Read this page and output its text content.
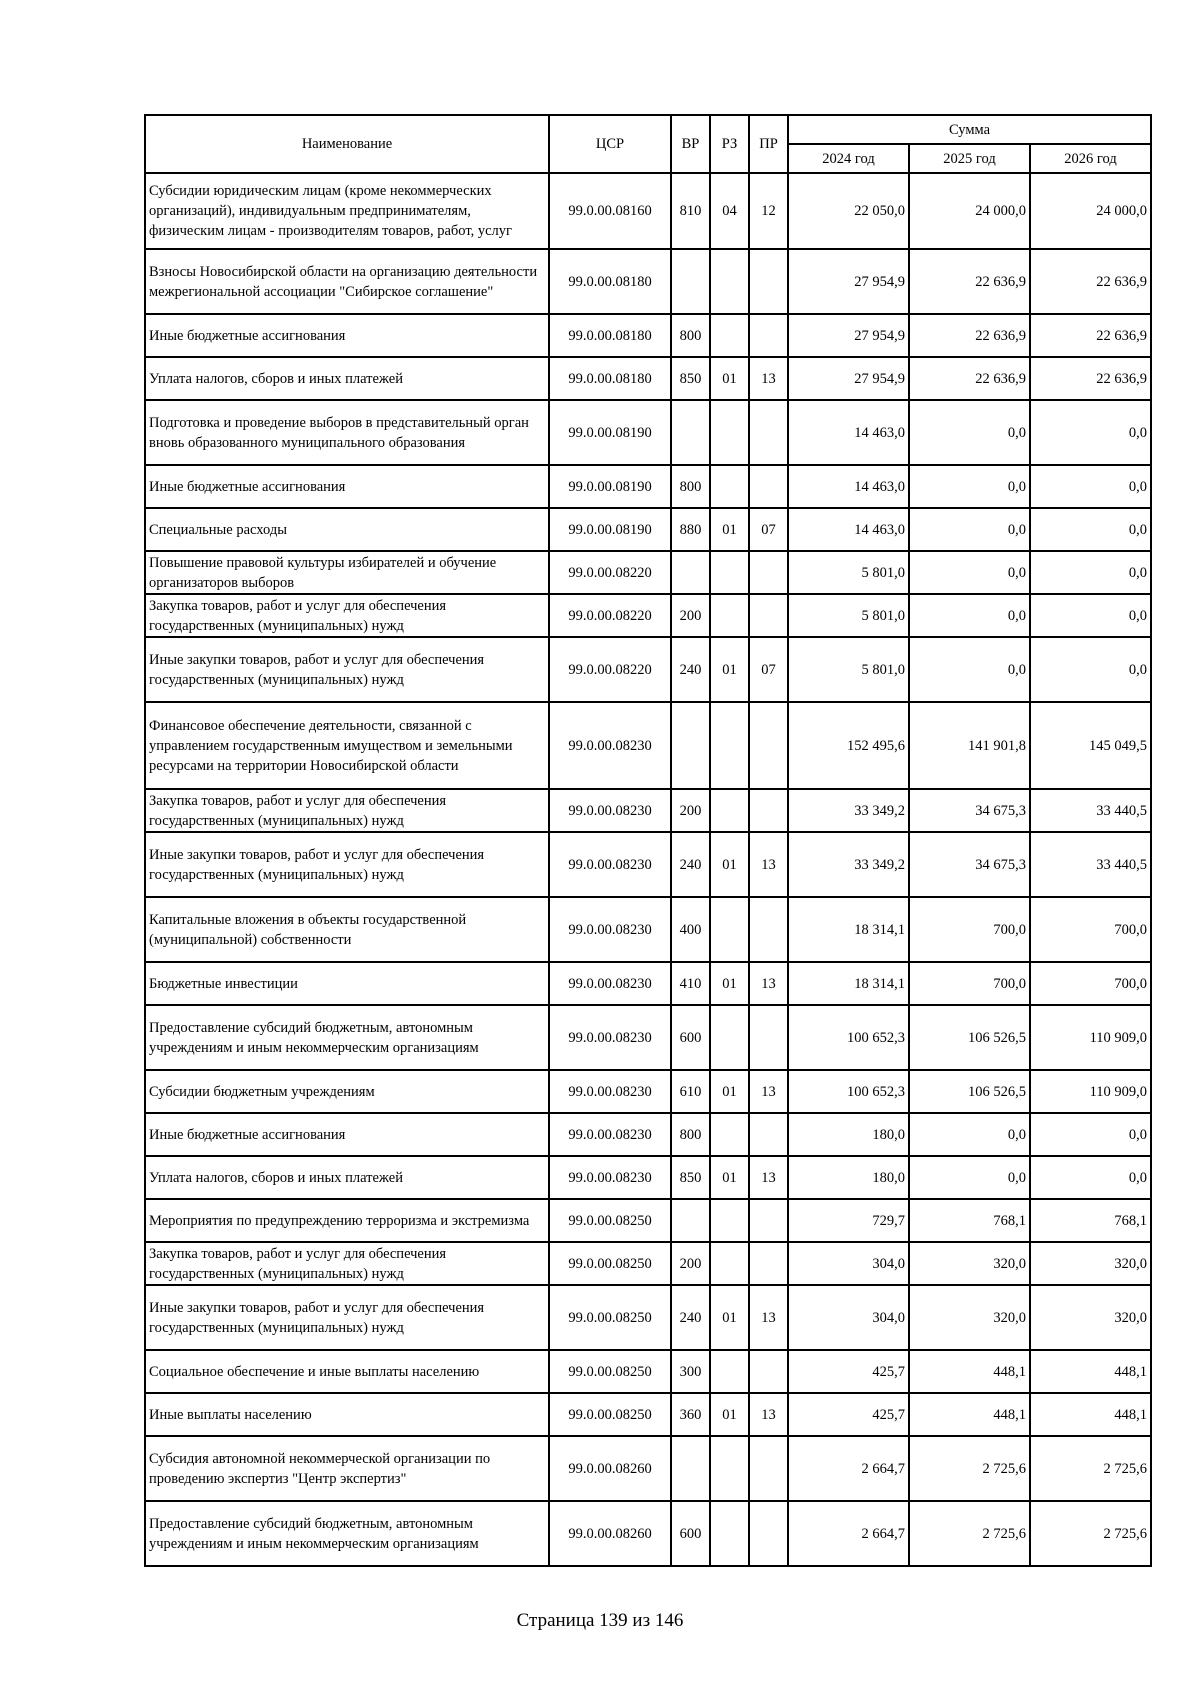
Наименование	ЦСР	ВР	РЗ	ПР	Сумма		
					2024 год	2025 год	2026 год
Субсидии юридическим лицам (кроме некоммерческих организаций), индивидуальным предпринимателям, физическим лицам - производителям товаров, работ, услуг	99.0.00.08160	810	04	12	22 050,0	24 000,0	24 000,0
Взносы Новосибирской области на организацию деятельности межрегиональной ассоциации "Сибирское соглашение"	99.0.00.08180				27 954,9	22 636,9	22 636,9
Иные бюджетные ассигнования	99.0.00.08180	800			27 954,9	22 636,9	22 636,9
Уплата налогов, сборов и иных платежей	99.0.00.08180	850	01	13	27 954,9	22 636,9	22 636,9
Подготовка и проведение выборов в представительный орган вновь образованного муниципального образования	99.0.00.08190				14 463,0	0,0	0,0
Иные бюджетные ассигнования	99.0.00.08190	800			14 463,0	0,0	0,0
Специальные расходы	99.0.00.08190	880	01	07	14 463,0	0,0	0,0
Повышение правовой культуры избирателей и обучение организаторов выборов	99.0.00.08220				5 801,0	0,0	0,0
Закупка товаров, работ и услуг для обеспечения государственных (муниципальных) нужд	99.0.00.08220	200			5 801,0	0,0	0,0
Иные закупки товаров, работ и услуг для обеспечения государственных (муниципальных) нужд	99.0.00.08220	240	01	07	5 801,0	0,0	0,0
Финансовое обеспечение деятельности, связанной с управлением государственным имуществом и земельными ресурсами на территории Новосибирской области	99.0.00.08230				152 495,6	141 901,8	145 049,5
Закупка товаров, работ и услуг для обеспечения государственных (муниципальных) нужд	99.0.00.08230	200			33 349,2	34 675,3	33 440,5
Иные закупки товаров, работ и услуг для обеспечения государственных (муниципальных) нужд	99.0.00.08230	240	01	13	33 349,2	34 675,3	33 440,5
Капитальные вложения в объекты государственной (муниципальной) собственности	99.0.00.08230	400			18 314,1	700,0	700,0
Бюджетные инвестиции	99.0.00.08230	410	01	13	18 314,1	700,0	700,0
Предоставление субсидий бюджетным, автономным учреждениям и иным некоммерческим организациям	99.0.00.08230	600			100 652,3	106 526,5	110 909,0
Субсидии бюджетным учреждениям	99.0.00.08230	610	01	13	100 652,3	106 526,5	110 909,0
Иные бюджетные ассигнования	99.0.00.08230	800			180,0	0,0	0,0
Уплата налогов, сборов и иных платежей	99.0.00.08230	850	01	13	180,0	0,0	0,0
Мероприятия по предупреждению терроризма и экстремизма	99.0.00.08250				729,7	768,1	768,1
Закупка товаров, работ и услуг для обеспечения государственных (муниципальных) нужд	99.0.00.08250	200			304,0	320,0	320,0
Иные закупки товаров, работ и услуг для обеспечения государственных (муниципальных) нужд	99.0.00.08250	240	01	13	304,0	320,0	320,0
Социальное обеспечение и иные выплаты населению	99.0.00.08250	300			425,7	448,1	448,1
Иные выплаты населению	99.0.00.08250	360	01	13	425,7	448,1	448,1
Субсидия автономной некоммерческой организации по проведению экспертиз "Центр экспертиз"	99.0.00.08260				2 664,7	2 725,6	2 725,6
Предоставление субсидий бюджетным, автономным учреждениям и иным некоммерческим организациям	99.0.00.08260	600			2 664,7	2 725,6	2 725,6
Страница 139 из 146
